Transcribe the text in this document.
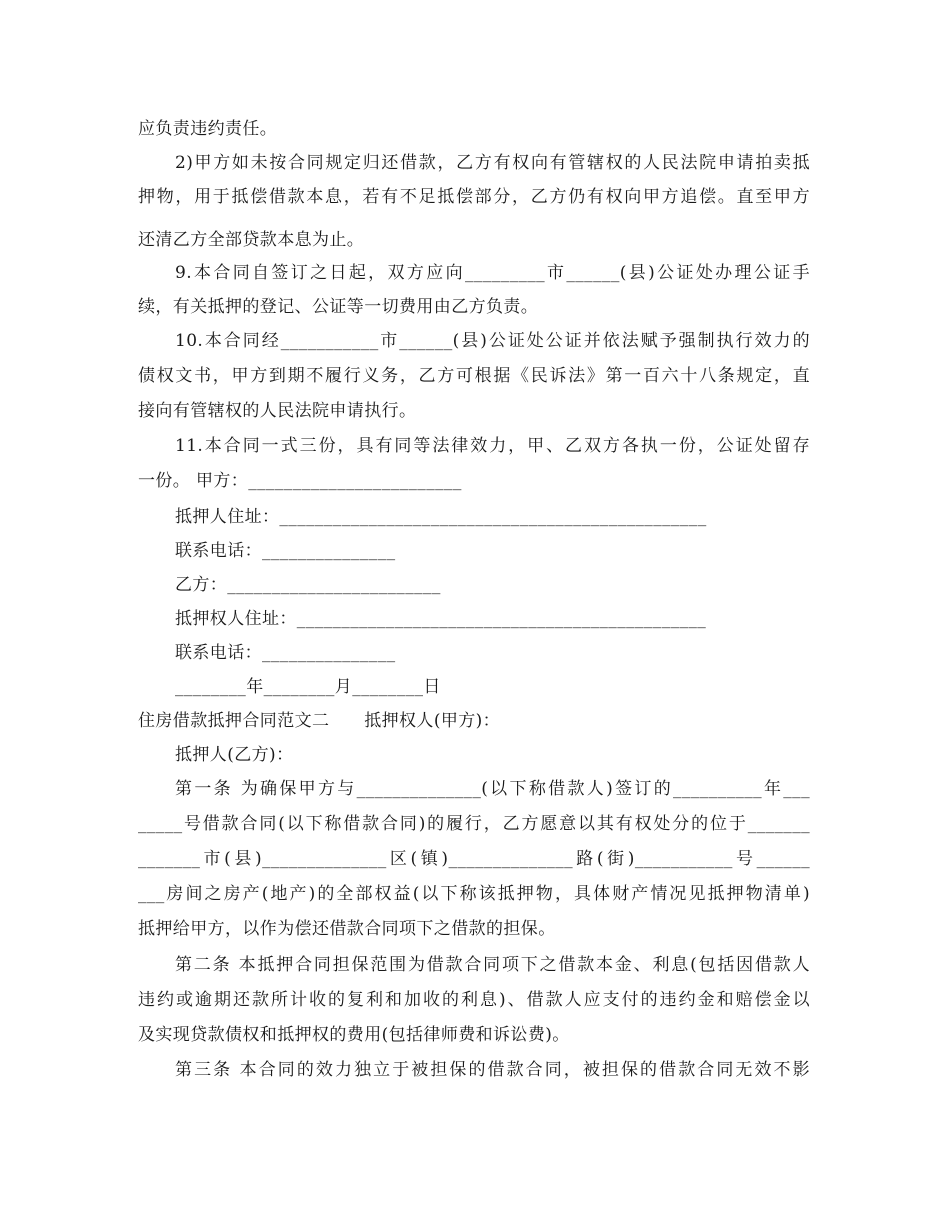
应负责违约责任。
2)甲方如未按合同规定归还借款，乙方有权向有管辖权的人民法院申请拍卖抵
押物，用于抵偿借款本息，若有不足抵偿部分，乙方仍有权向甲方追偿。直至甲方
还清乙方全部贷款本息为止。
9.本合同自签订之日起，双方应向_________市______(县)公证处办理公证手
续，有关抵押的登记、公证等一切费用由乙方负责。
10.本合同经___________市______(县)公证处公证并依法赋予强制执行效力的
债权文书，甲方到期不履行义务，乙方可根据《民诉法》第一百六十八条规定，直
接向有管辖权的人民法院申请执行。
11.本合同一式三份，具有同等法律效力，甲、乙双方各执一份，公证处留存
一份。 甲方：________________________
抵押人住址：________________________________________________
联系电话：_______________
乙方：________________________
抵押权人住址：______________________________________________
联系电话：_______________
________年________月________日
住房借款抵押合同范文二      抵押权人(甲方)：
抵押人(乙方)：
第一条 为确保甲方与______________(以下称借款人)签订的__________年___
_____号借款合同(以下称借款合同)的履行，乙方愿意以其有权处分的位于_______
_______市(县)______________区(镇)______________路(街)___________号______
___房间之房产(地产)的全部权益(以下称该抵押物，具体财产情况见抵押物清单)
抵押给甲方，以作为偿还借款合同项下之借款的担保。
第二条 本抵押合同担保范围为借款合同项下之借款本金、利息(包括因借款人
违约或逾期还款所计收的复利和加收的利息)、借款人应支付的违约金和赔偿金以
及实现贷款债权和抵押权的费用(包括律师费和诉讼费)。
第三条 本合同的效力独立于被担保的借款合同，被担保的借款合同无效不影
